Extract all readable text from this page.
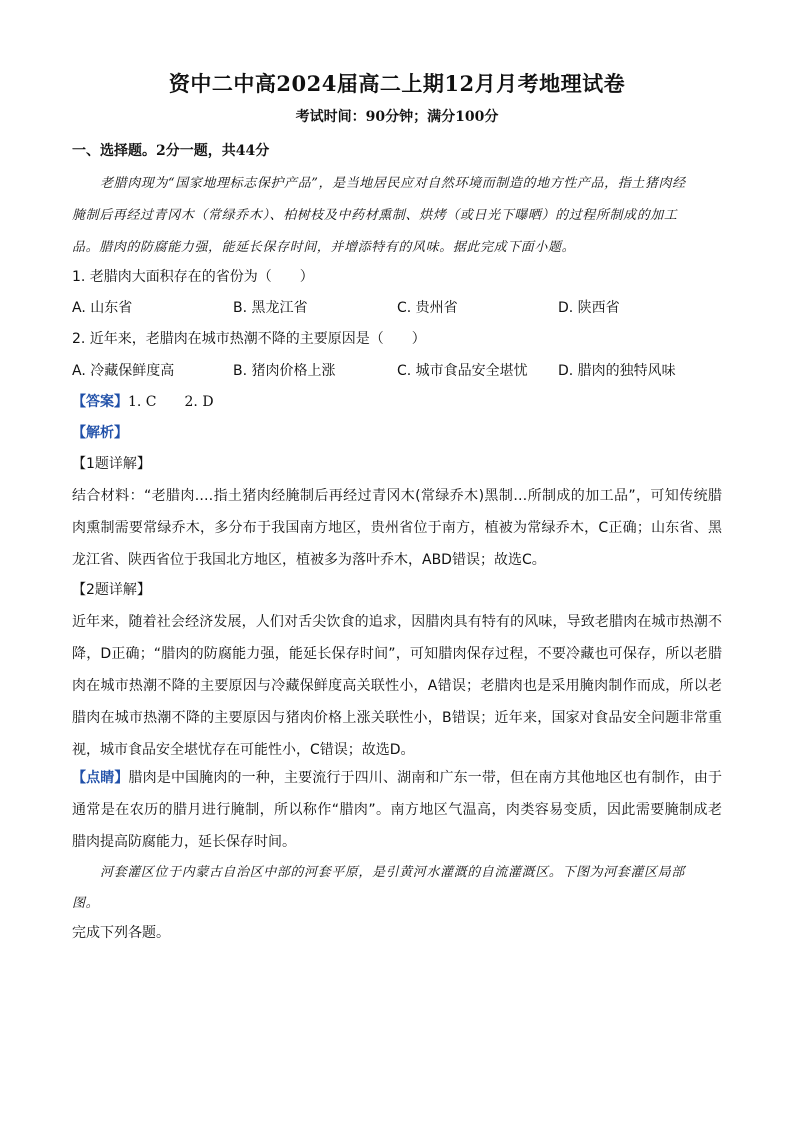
资中二中高2024届高二上期12月月考地理试卷
考试时间：90分钟；满分100分
一、选择题。2分一题，共44分
老腊肉现为“国家地理标志保护产品”，是当地居民应对自然环境而制造的地方性产品，指土猪肉经
腌制后再经过青冈木（常绿乔木）、柏树枝及中药材熏制、烘烤（或日光下曝晒）的过程所制成的加工
品。腊肉的防腐能力强，能延长保存时间，并增添特有的风味。据此完成下面小题。
1. 老腊肉大面积存在的省份为（　　）
A. 山东省	B. 黑龙江省	C. 贵州省	D. 陕西省
2. 近年来，老腊肉在城市热潮不降的主要原因是（　　）
A. 冷藏保鲜度高	B. 猪肉价格上涨	C. 城市食品安全堪忧 D. 腊肉的独特风味
【答案】1. C　　2. D
【解析】
【1题详解】
结合材料：“老腊肉.…指土猪肉经腌制后再经过青冈木(常绿乔木)黑制…所制成的加工品”，可知传统腊
肉熏制需要常绿乔木，多分布于我国南方地区，贵州省位于南方，植被为常绿乔木，C正确；山东省、黑
龙江省、陕西省位于我国北方地区，植被多为落叶乔木，ABD错误；故选C。
【2题详解】
近年来，随着社会经济发展，人们对舌尖饮食的追求，因腊肉具有特有的风味，导致老腊肉在城市热潮不
降，D正确；“腊肉的防腐能力强，能延长保存时间”，可知腊肉保存过程，不要冷藏也可保存，所以老腊
肉在城市热潮不降的主要原因与冷藏保鲜度高关联性小，A错误；老腊肉也是采用腌肉制作而成，所以老
腊肉在城市热潮不降的主要原因与猪肉价格上涨关联性小，B错误；近年来，国家对食品安全问题非常重
视，城市食品安全堪忧存在可能性小，C错误；故选D。
【点睛】腊肉是中国腌肉的一种，主要流行于四川、湖南和广东一带，但在南方其他地区也有制作，由于
通常是在农历的腊月进行腌制，所以称作“腊肉”。南方地区气温高，肉类容易变质，因此需要腌制成老
腊肉提高防腐能力，延长保存时间。
河套灌区位于内蒙古自治区中部的河套平原，是引黄河水灌溉的自流灌溉区。下图为河套灌区局部
图。
完成下列各题。
